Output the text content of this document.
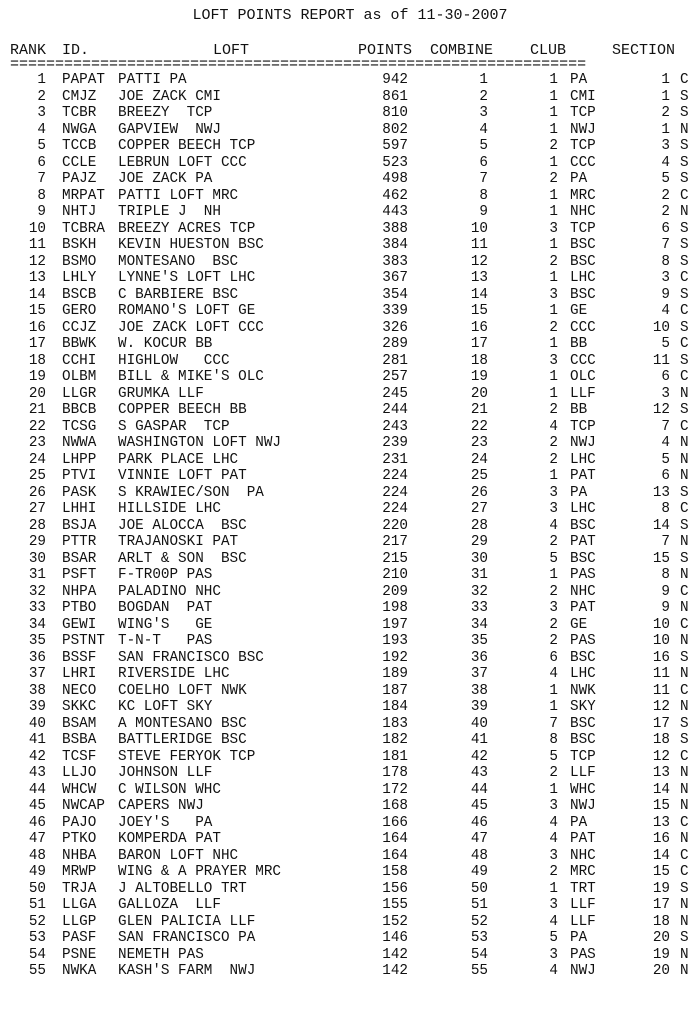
LOFT POINTS REPORT as of 11-30-2007
RANK ID.	LOFT	POINTS COMBINE CLUB	SECTION
================================================================
1 PAPAT PATTI PA	942	1	1 PA	1 C
2 CMJZ JOE ZACK CMI	861	2	1 CMI	1 S
3 TCBR BREEZY  TCP	810	3	1 TCP	2 S
4 NWGA GAPVIEW  NWJ	802	4	1 NWJ	1 N
5 TCCB COPPER BEECH TCP	597	5	2 TCP	3 S
6 CCLE LEBRUN LOFT CCC	523	6	1 CCC	4 S
7 PAJZ JOE ZACK PA	498	7	2 PA	5 S
8 MRPAT PATTI LOFT MRC	462	8	1 MRC	2 C
9 NHTJ TRIPLE J  NH	443	9	1 NHC	2 N
10 TCBRA BREEZY ACRES TCP	388	10	3 TCP	6 S
11 BSKH KEVIN HUESTON BSC	384	11	1 BSC	7 S
12 BSMO MONTESANO  BSC	383	12	2 BSC	8 S
13 LHLY LYNNE'S LOFT LHC	367	13	1 LHC	3 C
14 BSCB C BARBIERE BSC	354	14	3 BSC	9 S
15 GERO ROMANO'S LOFT GE	339	15	1 GE	4 C
16 CCJZ JOE ZACK LOFT CCC	326	16	2 CCC	10 S
17 BBWK W. KOCUR BB	289	17	1 BB	5 C
18 CCHI HIGHLOW   CCC	281	18	3 CCC	11 S
19 OLBM BILL & MIKE'S OLC	257	19	1 OLC	6 C
20 LLGR GRUMKA LLF	245	20	1 LLF	3 N
21 BBCB COPPER BEECH BB	244	21	2 BB	12 S
22 TCSG S GASPAR  TCP	243	22	4 TCP	7 C
23 NWWA WASHINGTON LOFT NWJ	239	23	2 NWJ	4 N
24 LHPP PARK PLACE LHC	231	24	2 LHC	5 N
25 PTVI VINNIE LOFT PAT	224	25	1 PAT	6 N
26 PASK S KRAWIEC/SON  PA	224	26	3 PA	13 S
27 LHHI HILLSIDE LHC	224	27	3 LHC	8 C
28 BSJA JOE ALOCCA  BSC	220	28	4 BSC	14 S
29 PTTR TRAJANOSKI PAT	217	29	2 PAT	7 N
30 BSAR ARLT & SON  BSC	215	30	5 BSC	15 S
31 PSFT F-TR00P PAS	210	31	1 PAS	8 N
32 NHPA PALADINO NHC	209	32	2 NHC	9 C
33 PTBO BOGDAN  PAT	198	33	3 PAT	9 N
34 GEWI WING'S   GE	197	34	2 GE	10 C
35 PSTNT T-N-T   PAS	193	35	2 PAS	10 N
36 BSSF SAN FRANCISCO BSC	192	36	6 BSC	16 S
37 LHRI RIVERSIDE LHC	189	37	4 LHC	11 N
38 NECO COELHO LOFT NWK	187	38	1 NWK	11 C
39 SKKC KC LOFT SKY	184	39	1 SKY	12 N
40 BSAM A MONTESANO BSC	183	40	7 BSC	17 S
41 BSBA BATTLERIDGE BSC	182	41	8 BSC	18 S
42 TCSF STEVE FERYOK TCP	181	42	5 TCP	12 C
43 LLJO JOHNSON LLF	178	43	2 LLF	13 N
44 WHCW C WILSON WHC	172	44	1 WHC	14 N
45 NWCAP CAPERS NWJ	168	45	3 NWJ	15 N
46 PAJO JOEY'S   PA	166	46	4 PA	13 C
47 PTKO KOMPERDA PAT	164	47	4 PAT	16 N
48 NHBA BARON LOFT NHC	164	48	3 NHC	14 C
49 MRWP WING & A PRAYER MRC	158	49	2 MRC	15 C
50 TRJA J ALTOBELLO TRT	156	50	1 TRT	19 S
51 LLGA GALLOZA  LLF	155	51	3 LLF	17 N
52 LLGP GLEN PALICIA LLF	152	52	4 LLF	18 N
53 PASF SAN FRANCISCO PA	146	53	5 PA	20 S
54 PSNE NEMETH PAS	142	54	3 PAS	19 N
55 NWKA KASH'S FARM  NWJ	142	55	4 NWJ	20 N
